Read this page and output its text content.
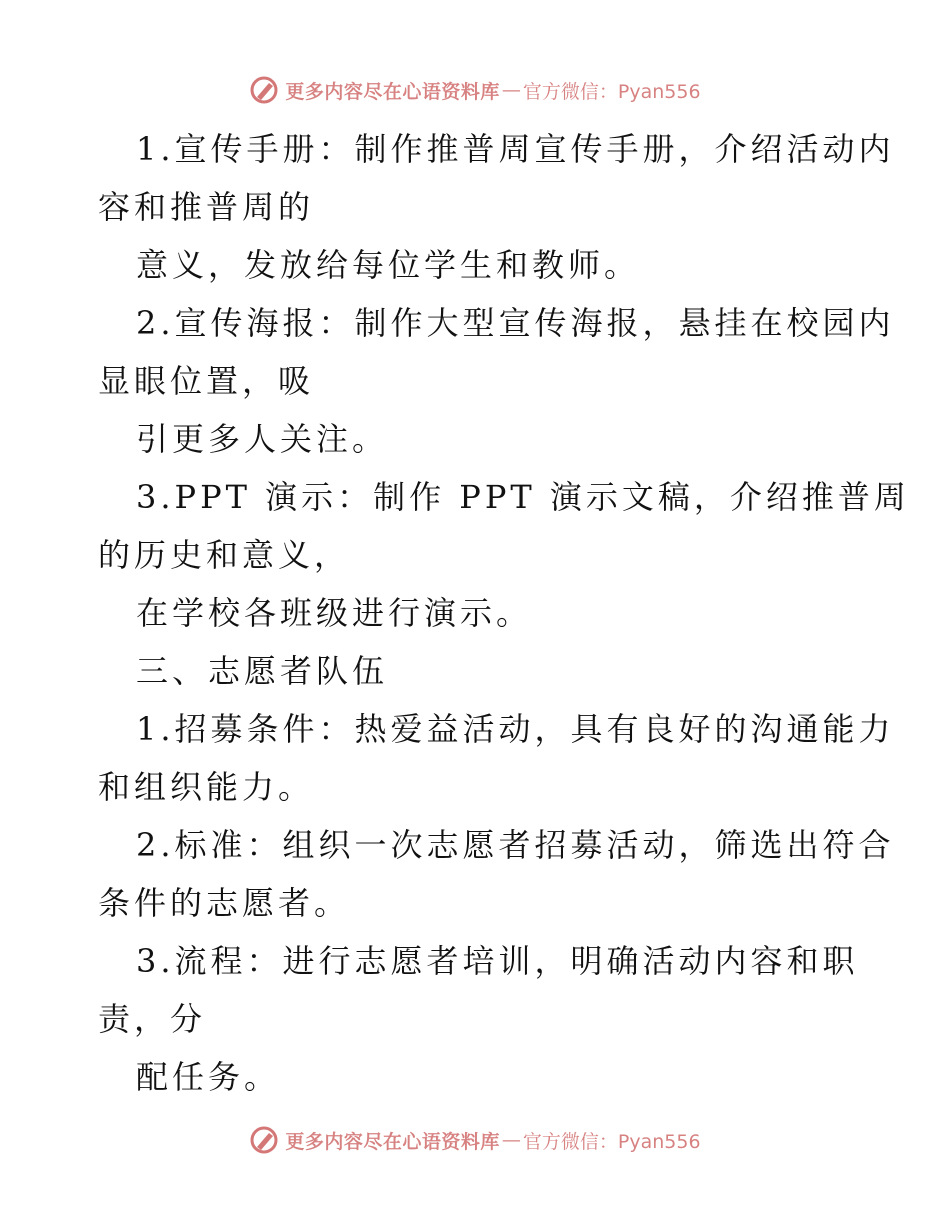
更多内容尽在心语资料库 — 官方微信：Pyan556
1.宣传手册：制作推普周宣传手册，介绍活动内
容和推普周的
意义，发放给每位学生和教师。
2.宣传海报：制作大型宣传海报，悬挂在校园内
显眼位置，吸
引更多人关注。
3.PPT 演示：制作 PPT 演示文稿，介绍推普周
的历史和意义，
在学校各班级进行演示。
三、志愿者队伍
1.招募条件：热爱益活动，具有良好的沟通能力
和组织能力。
2.标准：组织一次志愿者招募活动，筛选出符合
条件的志愿者。
3.流程：进行志愿者培训，明确活动内容和职
责，分
配任务。
更多内容尽在心语资料库 — 官方微信：Pyan556
